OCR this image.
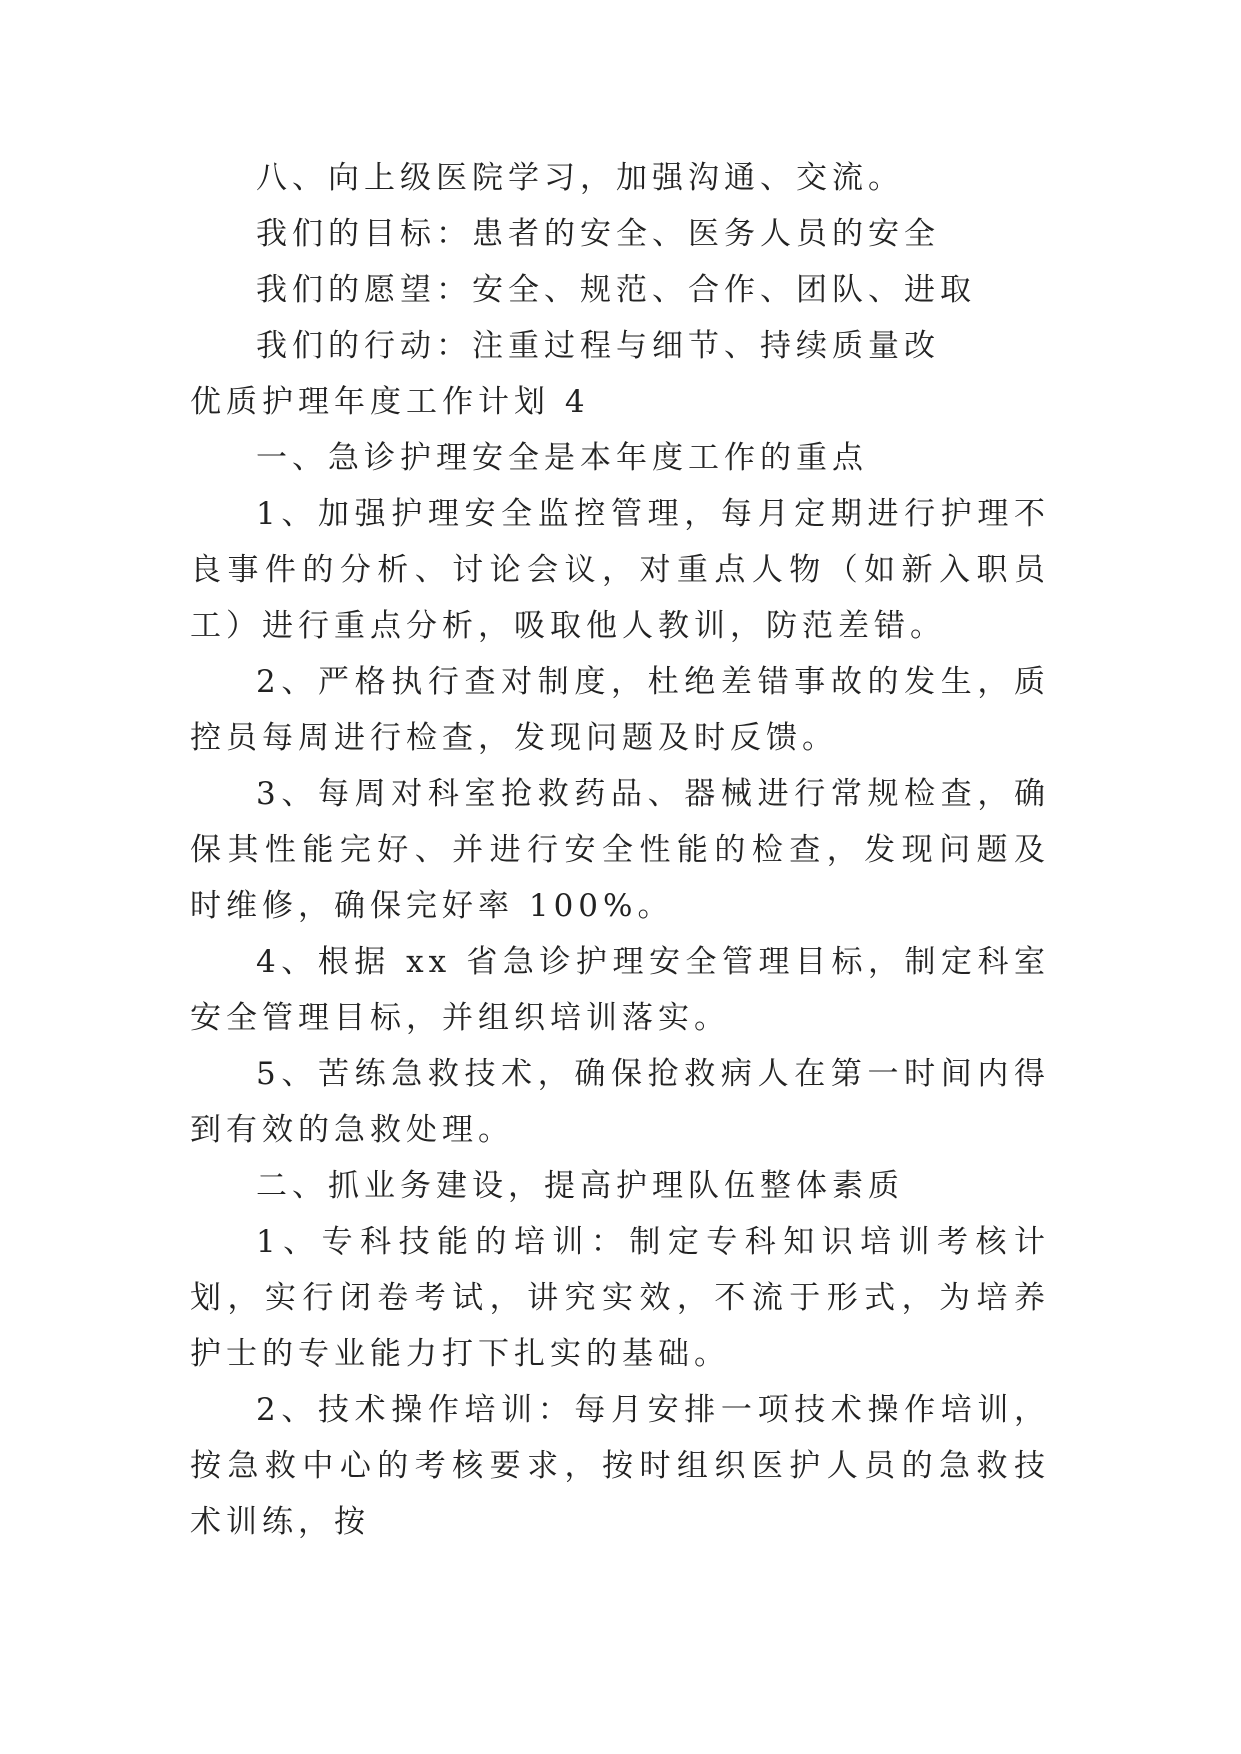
八、向上级医院学习，加强沟通、交流。

我们的目标：患者的安全、医务人员的安全

我们的愿望：安全、规范、合作、团队、进取

我们的行动：注重过程与细节、持续质量改

优质护理年度工作计划 4

一、急诊护理安全是本年度工作的重点

1、加强护理安全监控管理，每月定期进行护理不良事件的分析、讨论会议，对重点人物（如新入职员工）进行重点分析，吸取他人教训，防范差错。

2、严格执行查对制度，杜绝差错事故的发生，质控员每周进行检查，发现问题及时反馈。

3、每周对科室抢救药品、器械进行常规检查，确保其性能完好、并进行安全性能的检查，发现问题及时维修，确保完好率 100%。

4、根据 xx 省急诊护理安全管理目标，制定科室安全管理目标，并组织培训落实。

5、苦练急救技术，确保抢救病人在第一时间内得到有效的急救处理。

二、抓业务建设，提高护理队伍整体素质

1、专科技能的培训：制定专科知识培训考核计划，实行闭卷考试，讲究实效，不流于形式，为培养护士的专业能力打下扎实的基础。

2、技术操作培训：每月安排一项技术操作培训，按急救中心的考核要求，按时组织医护人员的急救技术训练，按
